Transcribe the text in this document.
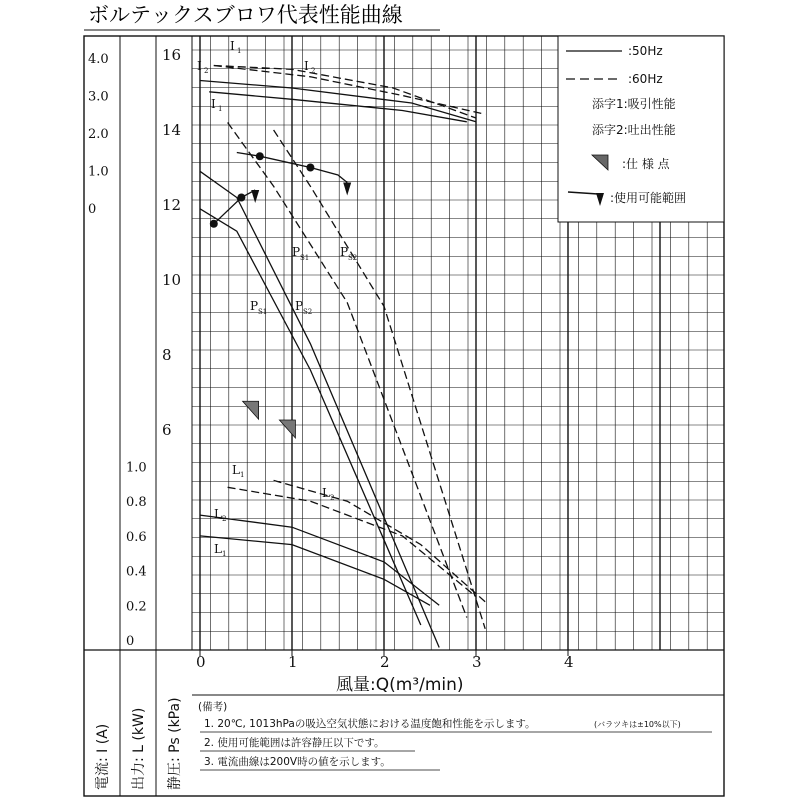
ボルテックスブロワ代表性能曲線
0	1	2	3	4
16
14
12
10
8
6
1.0
0.8
0.6
0.4
0.2
0
4.0
3.0
2.0
1.0
0
I 1
I 2
I 2
I 1
P S1	P S2
P S1 P S2
L 1
L 2
L 2
L 1
:50Hz
:60Hz
添字1:吸引性能
添字2:吐出性能
:仕 様 点
:使用可能範囲
風量:Q(m³/min)
電流: I (A) 出力: L (kW) 静圧: Ps (kPa) (備考)
1. 20℃, 1013hPaの吸込空気状態における温度飽和性能を示します。	(バラツキは±10%以下)
2. 使用可能範囲は許容静圧以下です。
3. 電流曲線は200V時の値を示します。
